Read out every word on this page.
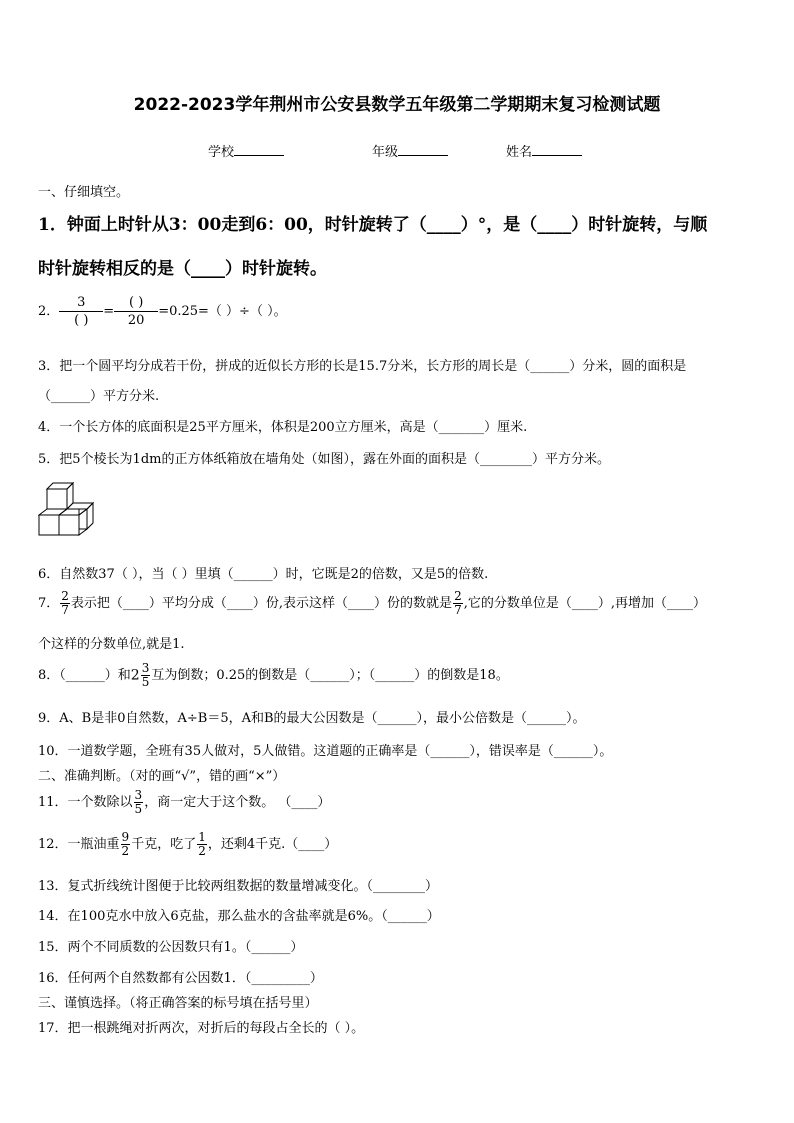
2022-2023学年荆州市公安县数学五年级第二学期期末复习检测试题
学校	年级	姓名
一、仔细填空。
1．钟面上时针从3：00走到6：00，时针旋转了（____）°，是（____）时针旋转，与顺
时针旋转相反的是（____）时针旋转。
2．
3
( )
=
( )
20
=0.25=（ ）÷（ ）。
3．把一个圆平均分成若干份，拼成的近似长方形的长是15.7分米，长方形的周长是（______）分米，圆的面积是
（______）平方分米.
4．一个长方体的底面积是25平方厘米，体积是200立方厘米，高是（_______）厘米.
5．把5个棱长为1dm的正方体纸箱放在墙角处（如图），露在外面的面积是（________）平方分米。
6．自然数37（ ），当（ ）里填（______）时，它既是2的倍数，又是5的倍数.
7． $\frac{2}{7}$ 表示把（____）平均分成（____）份,表示这样（____）份的数就是 $\frac{2}{7}$ ,它的分数单位是（____）,再增加（____）
个这样的分数单位,就是1.
8．（______）和$2 \frac{3}{5}$ 互为倒数；0.25的倒数是（______）；（______）的倒数是18。
9．A、B是非0自然数，A÷B＝5，A和B的最大公因数是（______），最小公倍数是（______）。
10．一道数学题，全班有35人做对，5人做错。这道题的正确率是（______），错误率是（______）。
二、准确判断。（对的画“√”，错的画“×”）
11．一个数除以 $\frac{3}{5}$ ，商一定大于这个数。 （____）
12．一瓶油重 $\frac{9}{2}$ 千克，吃了 $\frac{1}{2}$ ，还剩4千克.（____）
13．复式折线统计图便于比较两组数据的数量增减变化。（________）
14．在100克水中放入6克盐，那么盐水的含盐率就是6%。（______）
15．两个不同质数的公因数只有1。（______）
16．任何两个自然数都有公因数1．（_________）
三、谨慎选择。（将正确答案的标号填在括号里）
17．把一根跳绳对折两次，对折后的每段占全长的（ ）。
